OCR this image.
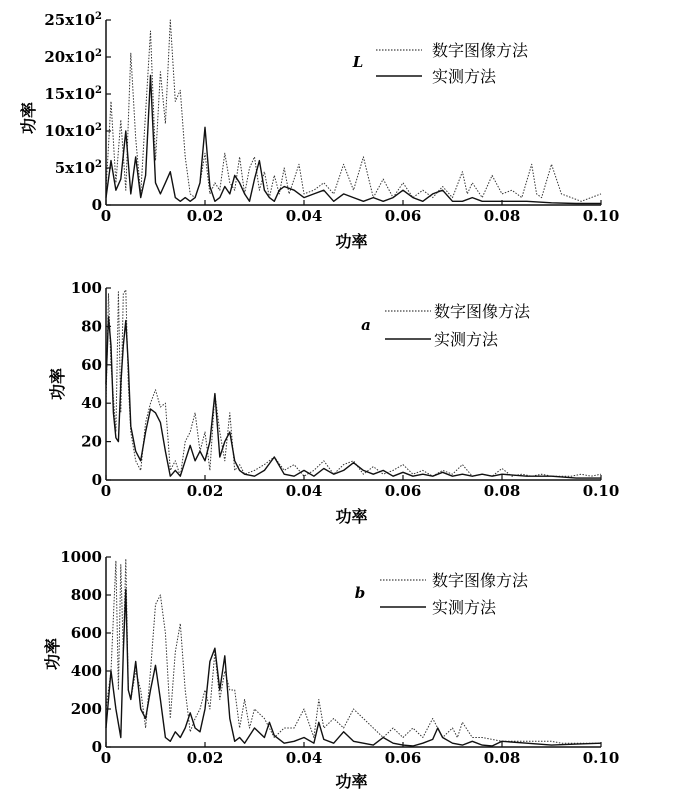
0	0.02	0.04	0.06	0.08	0.10
0
$5x10^2$
$10x10^2$
$15x10^2$
$20x10^2$
$25x10^2$
功率
功率
L
数字图像方法
实测方法
0	0.02	0.04	0.06	0.08	0.10
0
20
40
60
80
100
功率
功率
a
数字图像方法
实测方法
0	0.02	0.04	0.06	0.08	0.10
0
200
400
600
800
1000
功率
功率
b
数字图像方法
实测方法
